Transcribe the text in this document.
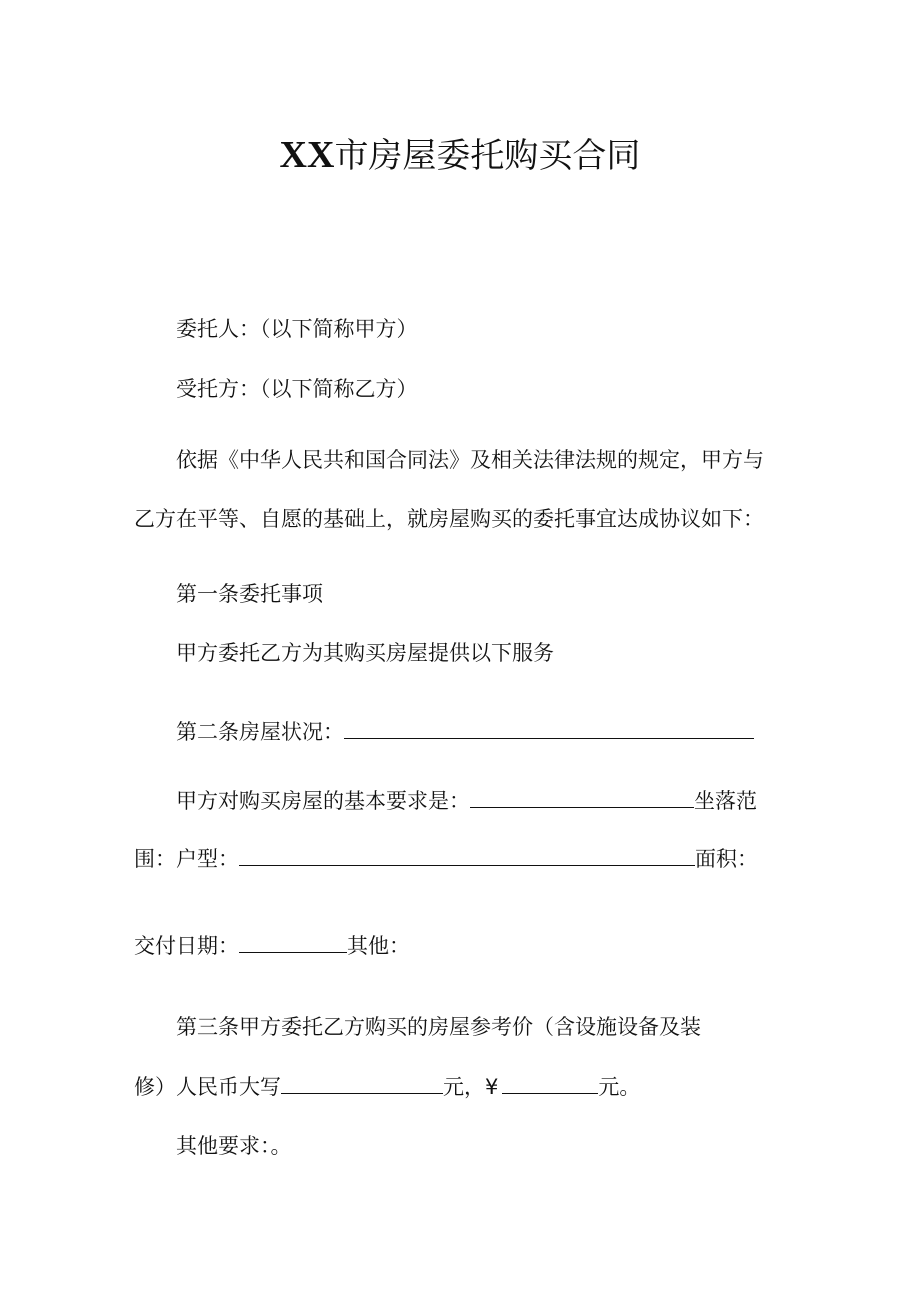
XX市房屋委托购买合同
委托人：（以下简称甲方）
受托方：（以下简称乙方）
依据《中华人民共和国合同法》及相关法律法规的规定，甲方与
乙方在平等、自愿的基础上，就房屋购买的委托事宜达成协议如下：
第一条委托事项
甲方委托乙方为其购买房屋提供以下服务
第二条房屋状况：
甲方对购买房屋的基本要求是：	坐落范
围：户型：	面积：
交付日期：	其他：
第三条甲方委托乙方购买的房屋参考价（含设施设备及装
修）人民币大写	元，¥	元。
其他要求：。
